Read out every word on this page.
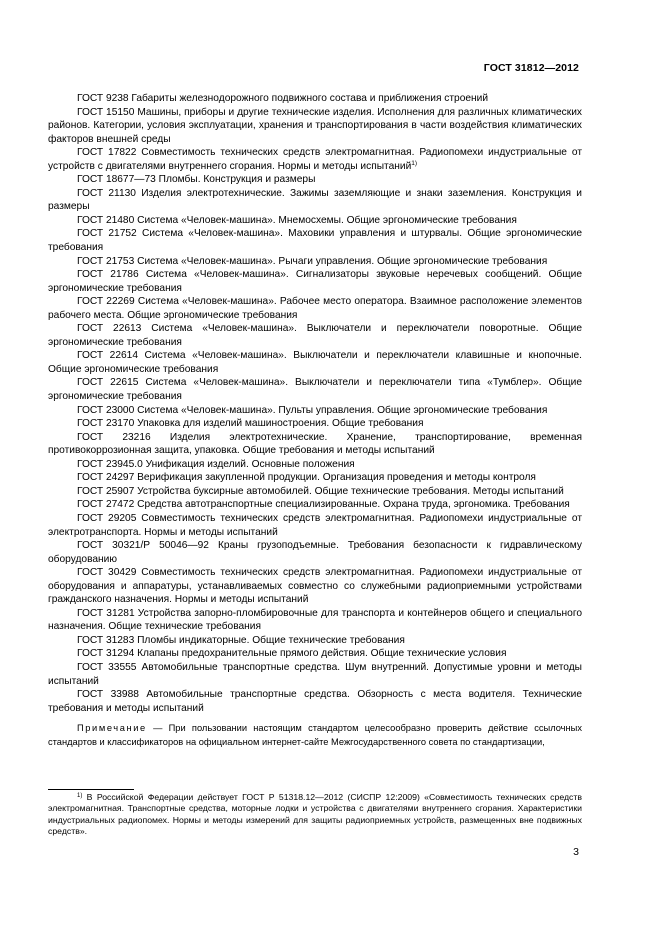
ГОСТ 31812—2012

ГОСТ 9238 Габариты железнодорожного подвижного состава и приближения строений

ГОСТ 15150 Машины, приборы и другие технические изделия. Исполнения для различных климатических районов. Категории, условия эксплуатации, хранения и транспортирования в части воздействия климатических факторов внешней среды

ГОСТ 17822 Совместимость технических средств электромагнитная. Радиопомехи индустриальные от устройств с двигателями внутреннего сгорания. Нормы и методы испытаний$^{1)}$

ГОСТ 18677—73 Пломбы. Конструкция и размеры

ГОСТ 21130 Изделия электротехнические. Зажимы заземляющие и знаки заземления. Конструкция и размеры

ГОСТ 21480 Система «Человек-машина». Мнемосхемы. Общие эргономические требования

ГОСТ 21752 Система «Человек-машина». Маховики управления и штурвалы. Общие эргономические требования

ГОСТ 21753 Система «Человек-машина». Рычаги управления. Общие эргономические требования

ГОСТ 21786 Система «Человек-машина». Сигнализаторы звуковые неречевых сообщений. Общие эргономические требования

ГОСТ 22269 Система «Человек-машина». Рабочее место оператора. Взаимное расположение элементов рабочего места. Общие эргономические требования

ГОСТ 22613 Система «Человек-машина». Выключатели и переключатели поворотные. Общие эргономические требования

ГОСТ 22614 Система «Человек-машина». Выключатели и переключатели клавишные и кнопочные. Общие эргономические требования

ГОСТ 22615 Система «Человек-машина». Выключатели и переключатели типа «Тумблер». Общие эргономические требования

ГОСТ 23000 Система «Человек-машина». Пульты управления. Общие эргономические требования

ГОСТ 23170 Упаковка для изделий машиностроения. Общие требования

ГОСТ 23216 Изделия электротехнические. Хранение, транспортирование, временная противокоррозионная защита, упаковка. Общие требования и методы испытаний

ГОСТ 23945.0 Унификация изделий. Основные положения

ГОСТ 24297 Верификация закупленной продукции. Организация проведения и методы контроля

ГОСТ 25907 Устройства буксирные автомобилей. Общие технические требования. Методы испытаний

ГОСТ 27472 Средства автотранспортные специализированные. Охрана труда, эргономика. Требования

ГОСТ 29205 Совместимость технических средств электромагнитная. Радиопомехи индустриальные от электротранспорта. Нормы и методы испытаний

ГОСТ 30321/Р 50046—92 Краны грузоподъемные. Требования безопасности к гидравлическому оборудованию

ГОСТ 30429 Совместимость технических средств электромагнитная. Радиопомехи индустриальные от оборудования и аппаратуры, устанавливаемых совместно со служебными радиоприемными устройствами гражданского назначения. Нормы и методы испытаний

ГОСТ 31281 Устройства запорно-пломбировочные для транспорта и контейнеров общего и специального назначения. Общие технические требования

ГОСТ 31283 Пломбы индикаторные. Общие технические требования

ГОСТ 31294 Клапаны предохранительные прямого действия. Общие технические условия

ГОСТ 33555 Автомобильные транспортные средства. Шум внутренний. Допустимые уровни и методы испытаний

ГОСТ 33988 Автомобильные транспортные средства. Обзорность с места водителя. Технические требования и методы испытаний

Примечание — При пользовании настоящим стандартом целесообразно проверить действие ссылочных стандартов и классификаторов на официальном интернет-сайте Межгосударственного совета по стандартизации,

$^{1)}$ В Российской Федерации действует ГОСТ Р 51318.12—2012 (СИСПР 12:2009) «Совместимость технических средств электромагнитная. Транспортные средства, моторные лодки и устройства с двигателями внутреннего сгорания. Характеристики индустриальных радиопомех. Нормы и методы измерений для защиты радиоприемных устройств, размещенных вне подвижных средств».
3
